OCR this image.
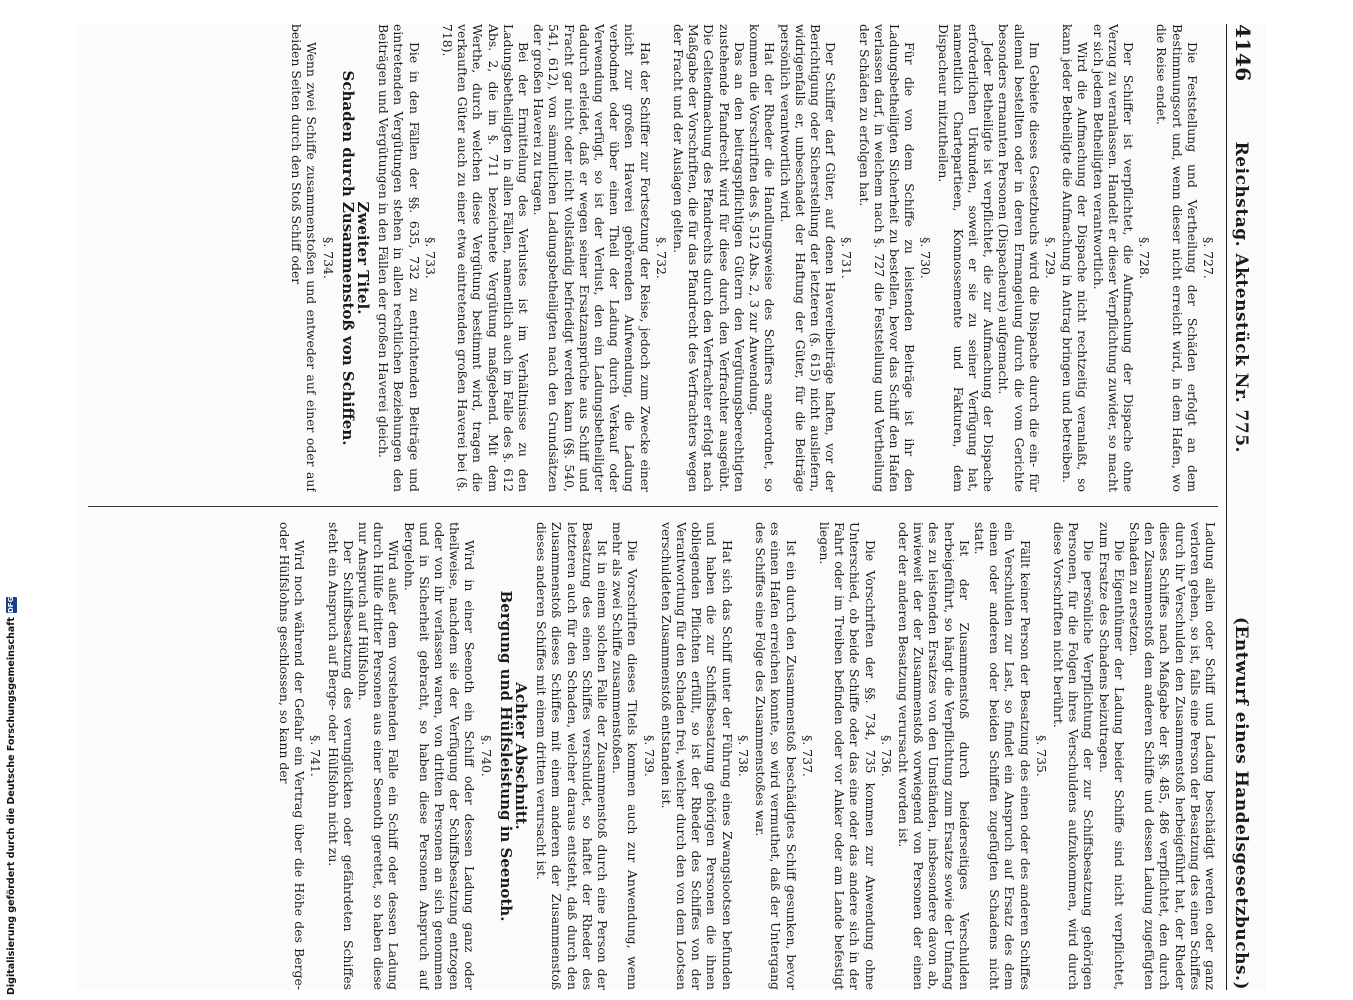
4146
Reichstag. Aktenstück Nr. 775.
(Entwurf eines Handelsgesetzbuchs.)

§. 727.

Die Feststellung und Vertheilung der Schäden erfolgt an dem Bestimmungsort und, wenn dieser nicht erreicht wird, in dem Hafen, wo die Reise endet.

§. 728.

Der Schiffer ist verpflichtet, die Aufmachung der Dispache ohne Verzug zu veranlassen. Handelt er dieser Verpflichtung zuwider, so macht er sich jedem Betheiligten verantwortlich.

Wird die Aufmachung der Dispache nicht rechtzeitig veranlaßt, so kann jeder Betheiligte die Aufmachung in Antrag bringen und betreiben.

§. 729.

Im Gebiete dieses Gesetzbuchs wird die Dispache durch die ein- für allemal bestellten oder in deren Ermangelung durch die vom Gerichte besonders ernannten Personen (Dispacheure) aufgemacht.

Jeder Betheiligte ist verpflichtet, die zur Aufmachung der Dispache erforderlichen Urkunden, soweit er sie zu seiner Verfügung hat, namentlich Chartepartieen, Konnossemente und Fakturen, dem Dispacheur mitzutheilen.

§. 730.

Für die von dem Schiffe zu leistenden Beiträge ist ihr den Ladungsbetheiligten Sicherheit zu bestellen, bevor das Schiff den Hafen verlassen darf, in welchem nach §. 727 die Feststellung und Vertheilung der Schäden zu erfolgen hat.

§. 731.

Der Schiffer darf Güter, auf denen Havereibeiträge haften, vor der Berichtigung oder Sicherstellung der letzteren (§. 615) nicht ausliefern, widrigenfalls er, unbeschadet der Haftung der Güter, für die Beiträge persönlich verantwortlich wird.

Hat der Rheder die Handlungsweise des Schiffers angeordnet, so kommen die Vorschriften des §. 512 Abs. 2, 3 zur Anwendung.

Das an den beitragspflichtigen Gütern den Vergütungsberechtigten zustehende Pfandrecht wird für diese durch den Verfrachter ausgeübt. Die Geltendmachung des Pfandrechts durch den Verfrachter erfolgt nach Maßgabe der Vorschriften, die für das Pfandrecht des Verfrachters wegen der Fracht und der Auslagen gelten.

§. 732.

Hat der Schiffer zur Fortsetzung der Reise, jedoch zum Zwecke einer nicht zur großen Haverei gehörenden Aufwendung, die Ladung verbodmet oder über einen Theil der Ladung durch Verkauf oder Verwendung verfügt, so ist der Verlust, den ein Ladungsbetheiligter dadurch erleidet, daß er wegen seiner Ersatzansprüche aus Schiff und Fracht gar nicht oder nicht vollständig befriedigt werden kann (§§. 540, 541, 612), von sämmtlichen Ladungsbetheiligten nach den Grundsätzen der großen Haverei zu tragen.

Bei der Ermittelung des Verlustes ist im Verhältnisse zu den Ladungsbetheiligten in allen Fällen, namentlich auch im Falle des §. 612 Abs. 2, die im §. 711 bezeichnete Vergütung maßgebend. Mit dem Werthe, durch welchen diese Vergütung bestimmt wird, tragen die verkauften Güter auch zu einer etwa eintretenden großen Haverei bei (§. 718).

§. 733.

Die in den Fällen der §§. 635, 732 zu entrichtenden Beiträge und eintretenden Vergütungen stehen in allen rechtlichen Beziehungen den Beiträgen und Vergütungen in den Fällen der großen Haverei gleich.

Zweiter Titel.

Schaden durch Zusammenstoß von Schiffen.

§. 734.

Wenn zwei Schiffe zusammenstoßen und entweder auf einer oder auf beiden Seiten durch den Stoß Schiff oder

Ladung allein oder Schiff und Ladung beschädigt werden oder ganz verloren gehen, so ist, falls eine Person der Besatzung des einen Schiffes durch ihr Verschulden den Zusammenstoß herbeigeführt hat, der Rheder dieses Schiffes nach Maßgabe der §§. 485, 486 verpflichtet, den durch den Zusammenstoß dem anderen Schiffe und dessen Ladung zugefügten Schaden zu ersetzen.

Die Eigenthümer der Ladung beider Schiffe sind nicht verpflichtet, zum Ersatze des Schadens beizutragen.

Die persönliche Verpflichtung der zur Schiffsbesatzung gehörigen Personen, für die Folgen ihres Verschuldens aufzukommen, wird durch diese Vorschriften nicht berührt.

§. 735.

Fällt keiner Person der Besatzung des einen oder des anderen Schiffes ein Verschulden zur Last, so findet ein Anspruch auf Ersatz des dem einen oder anderen oder beiden Schiffen zugefügten Schadens nicht statt.

Ist der Zusammenstoß durch beiderseitiges Verschulden herbeigeführt, so hängt die Verpflichtung zum Ersatze sowie der Umfang des zu leistenden Ersatzes von den Umständen, insbesondere davon ab, inwieweit der der Zusammenstoß vorwiegend von Personen der einen oder der anderen Besatzung verursacht worden ist.

§. 736.

Die Vorschriften der §§. 734, 735 kommen zur Anwendung ohne Unterschied, ob beide Schiffe oder das eine oder das andere sich in der Fahrt oder im Treiben befinden oder vor Anker oder am Lande befestigt liegen.

§. 737.

Ist ein durch den Zusammenstoß beschädigtes Schiff gesunken, bevor es einen Hafen erreichen konnte, so wird vermuthet, daß der Untergang des Schiffes eine Folge des Zusammenstoßes war.

§. 738.

Hat sich das Schiff unter der Führung eines Zwangslootsen befunden und haben die zur Schiffsbesatzung gehörigen Personen die ihnen obliegenden Pflichten erfüllt, so ist der Rheder des Schiffes von der Verantwortung für den Schaden frei, welcher durch den von dem Lootsen verschuldeten Zusammenstoß entstanden ist.

§. 739.

Die Vorschriften dieses Titels kommen auch zur Anwendung, wenn mehr als zwei Schiffe zusammenstoßen.

Ist in einem solchen Falle der Zusammenstoß durch eine Person der Besatzung des einen Schiffes verschuldet, so haftet der Rheder des letzteren auch für den Schaden, welcher daraus entsteht, daß durch den Zusammenstoß dieses Schiffes mit einem anderen der Zusammenstoß dieses anderen Schiffes mit einem dritten verursacht ist.

Achter Abschnitt.

Bergung und Hülfsleistung in Seenoth.

§. 740.

Wird in einer Seenoth ein Schiff oder dessen Ladung ganz oder theilweise, nachdem sie der Verfügung der Schiffsbesatzung entzogen oder von ihr verlassen waren, von dritten Personen an sich genommen und in Sicherheit gebracht, so haben diese Personen Anspruch auf Bergelohn.

Wird außer dem vorstehenden Falle ein Schiff oder dessen Ladung durch Hülfe dritter Personen aus einer Seenoth gerettet, so haben diese nur Anspruch auf Hülfslohn.

Der Schiffsbesatzung des verunglückten oder gefährdeten Schiffes steht ein Anspruch auf Berge- oder Hülfslohn nicht zu.

§. 741.

Wird noch während der Gefahr ein Vertrag über die Höhe des Berge- oder Hülfslohns geschlossen, so kann der

Digitalisierung gefördert durch die Deutsche Forschungsgemeinschaft
DFG
